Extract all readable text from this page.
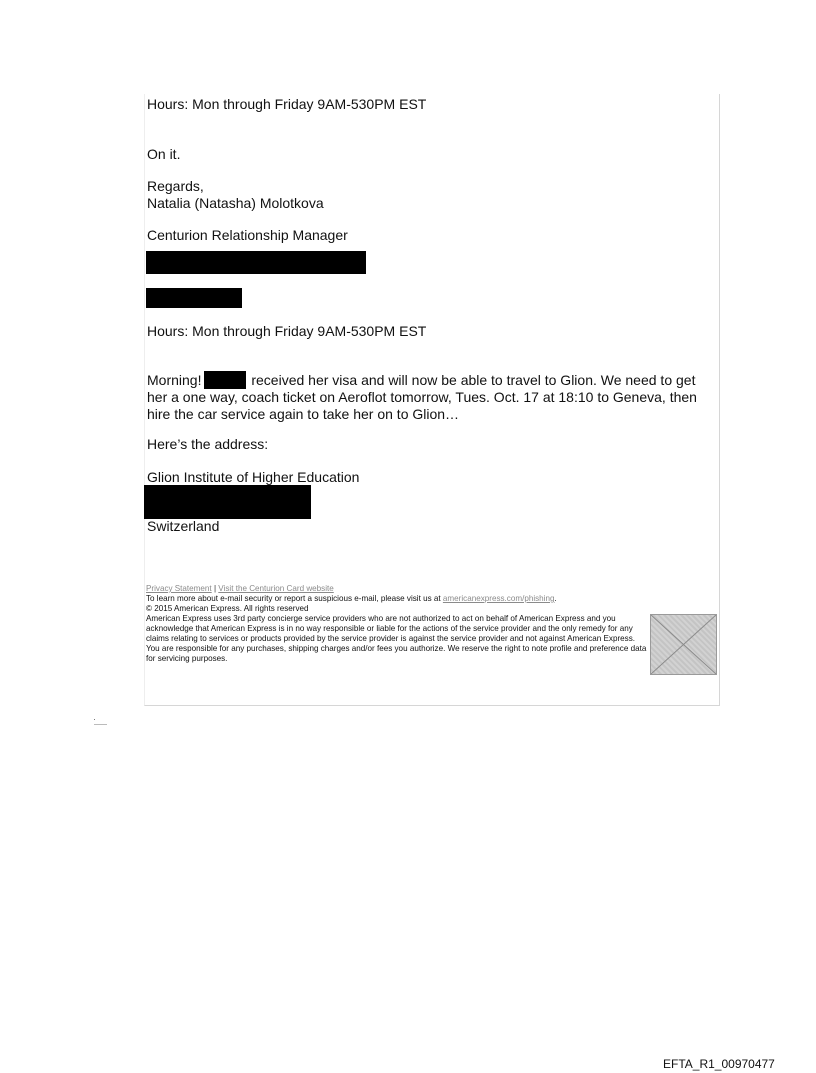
Hours: Mon through Friday 9AM-530PM EST

On it.

Regards,

Natalia (Natasha) Molotkova

Centurion Relationship Manager

Hours: Mon through Friday 9AM-530PM EST

Morning!	received her visa and will now be able to travel to Glion. We need to get her a one way, coach ticket on Aeroflot tomorrow, Tues. Oct. 17 at 18:10 to Geneva, then hire the car service again to take her on to Glion…

Here’s the address:

Glion Institute of Higher Education

Switzerland

Privacy Statement | Visit the Centurion Card website
To learn more about e-mail security or report a suspicious e-mail, please visit us at americanexpress.com/phishing.
© 2015 American Express. All rights reserved
American Express uses 3rd party concierge service providers who are not authorized to act on behalf of American Express and you acknowledge that American Express is in no way responsible or liable for the actions of the service provider and the only remedy for any claims relating to services or products provided by the service provider is against the service provider and not against American Express. You are responsible for any purchases, shipping charges and/or fees you authorize. We reserve the right to note profile and preference data for servicing purposes.
EFTA_R1_00970477
